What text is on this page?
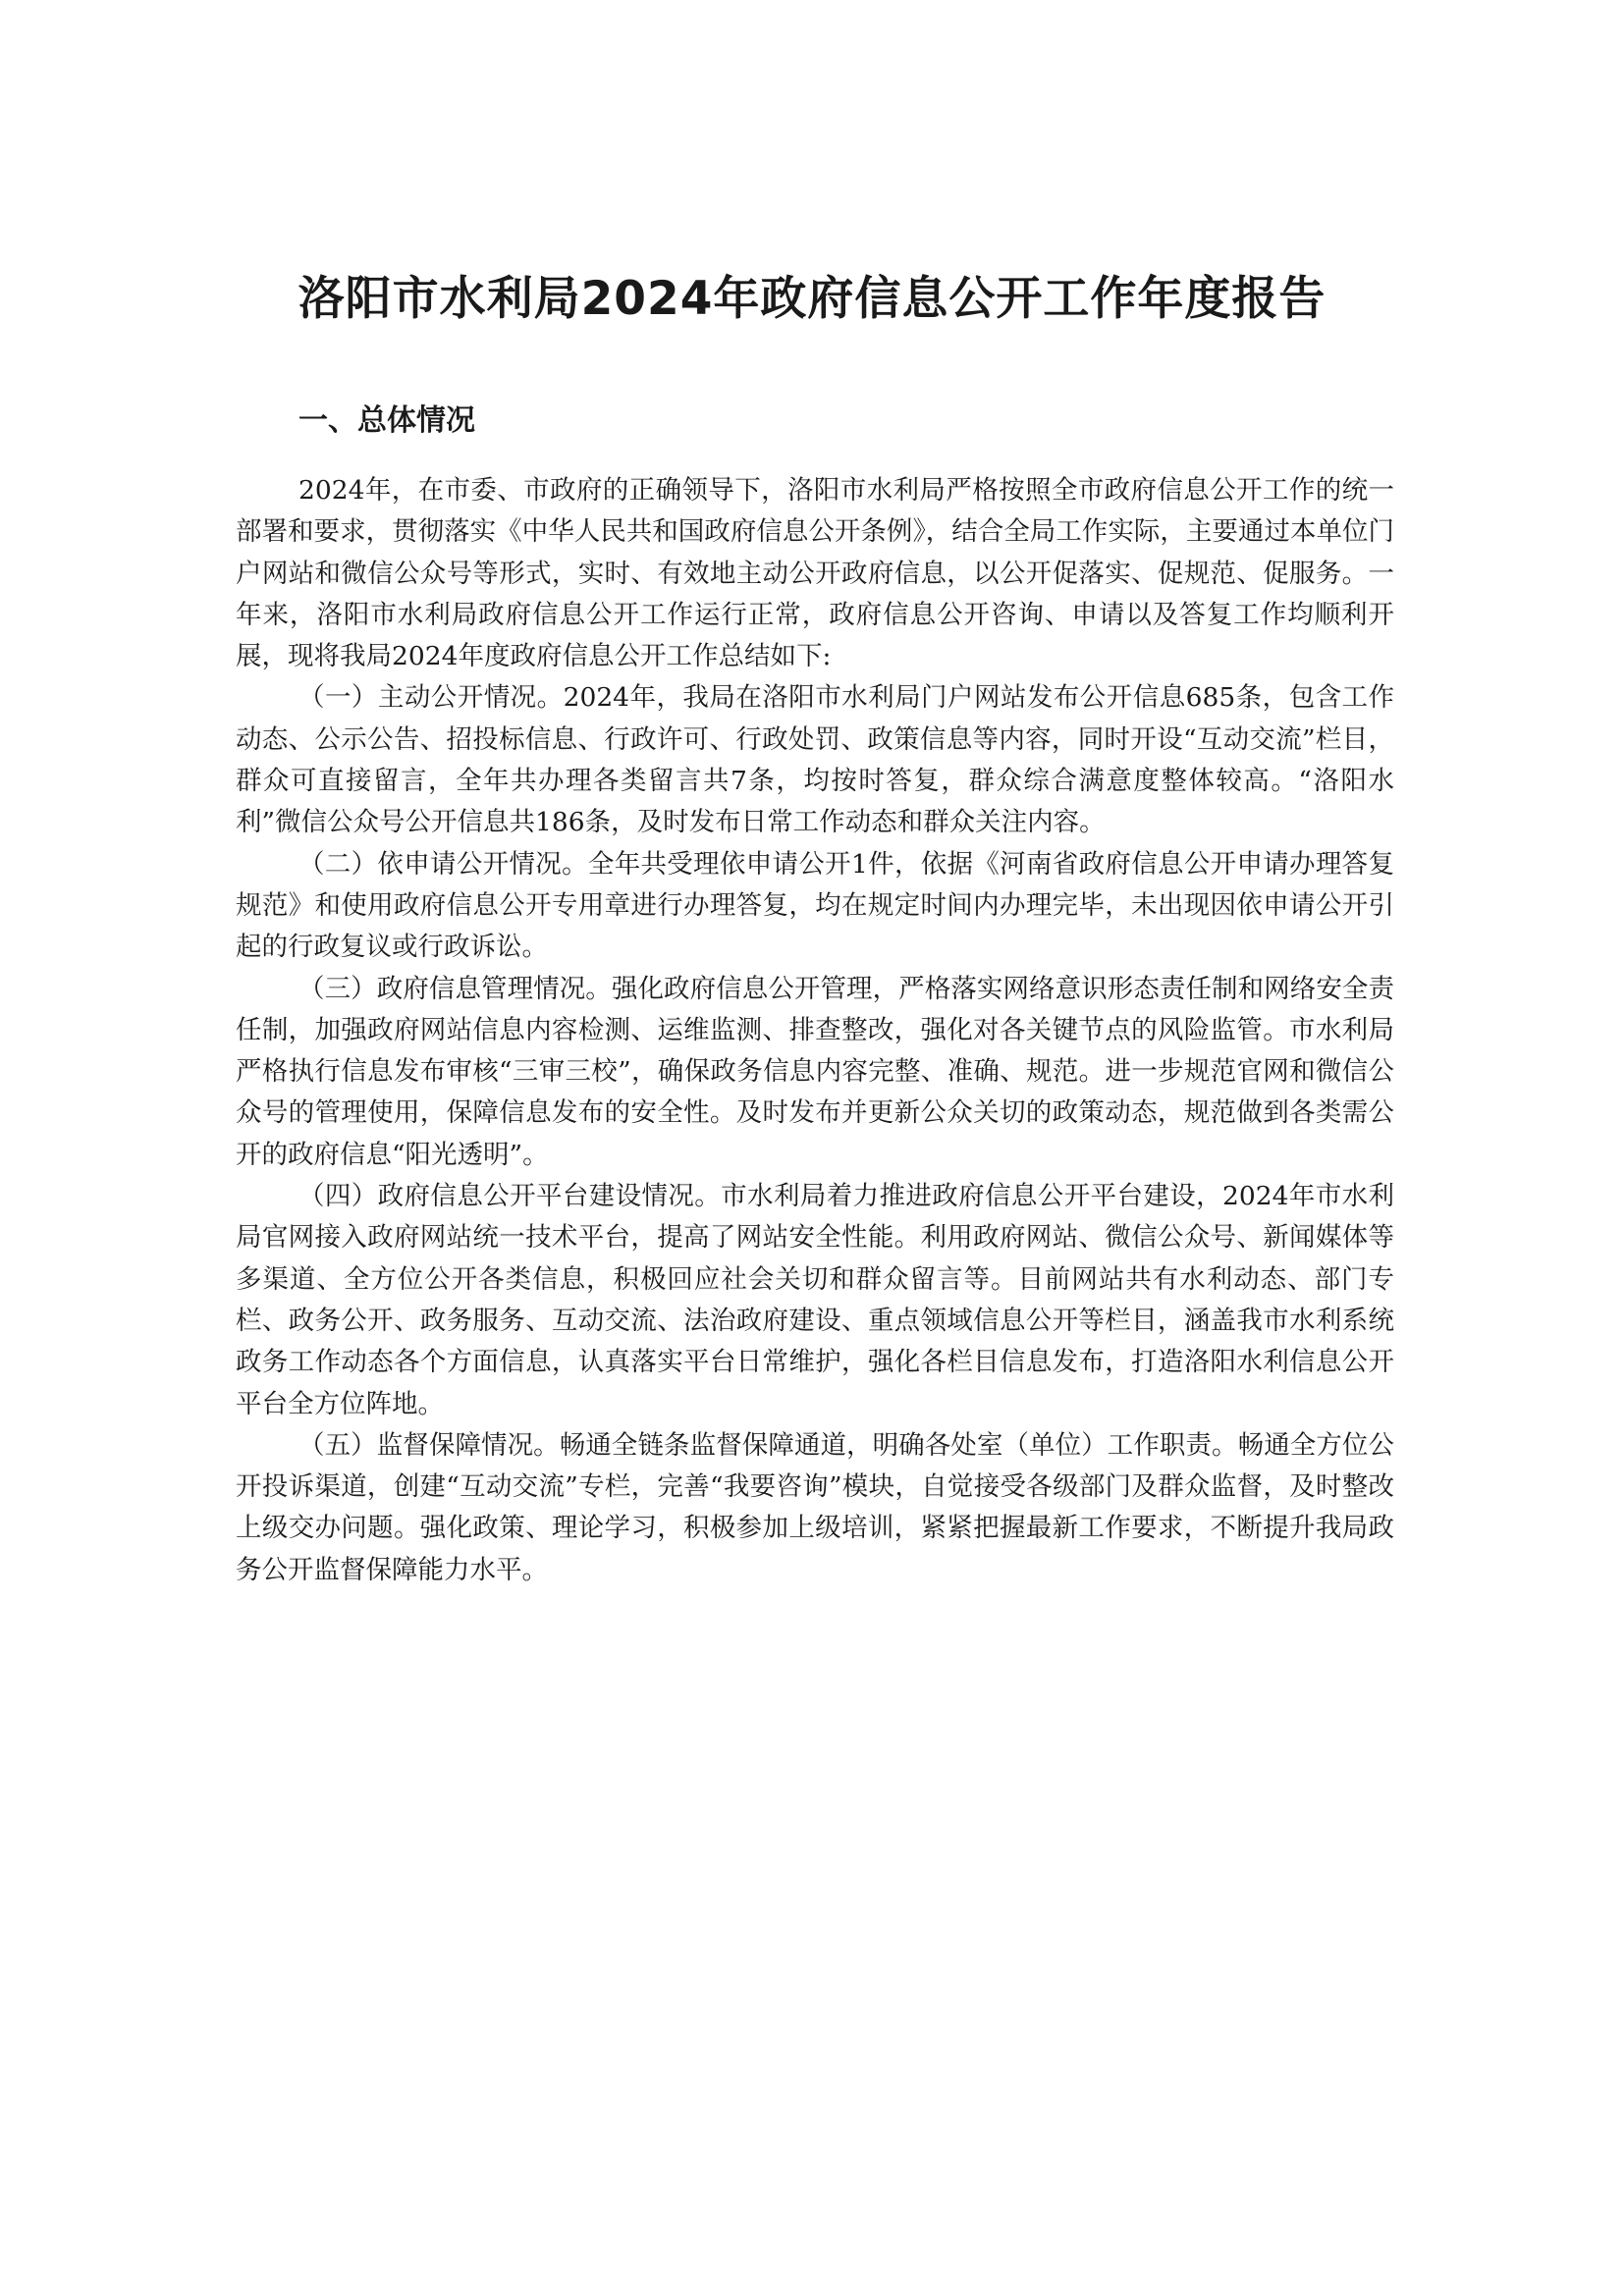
洛阳市水利局2024年政府信息公开工作年度报告
一、总体情况

2024年，在市委、市政府的正确领导下，洛阳市水利局严格按照全市政府信息公开工作的统一部署和要求，贯彻落实《中华人民共和国政府信息公开条例》，结合全局工作实际，主要通过本单位门户网站和微信公众号等形式，实时、有效地主动公开政府信息，以公开促落实、促规范、促服务。一年来，洛阳市水利局政府信息公开工作运行正常，政府信息公开咨询、申请以及答复工作均顺利开展，现将我局2024年度政府信息公开工作总结如下:

（一）主动公开情况。2024年，我局在洛阳市水利局门户网站发布公开信息685条，包含工作动态、公示公告、招投标信息、行政许可、行政处罚、政策信息等内容，同时开设“互动交流”栏目，群众可直接留言，全年共办理各类留言共7条，均按时答复，群众综合满意度整体较高。“洛阳水利”微信公众号公开信息共186条，及时发布日常工作动态和群众关注内容。

（二）依申请公开情况。全年共受理依申请公开1件，依据《河南省政府信息公开申请办理答复规范》和使用政府信息公开专用章进行办理答复，均在规定时间内办理完毕，未出现因依申请公开引起的行政复议或行政诉讼。

（三）政府信息管理情况。强化政府信息公开管理，严格落实网络意识形态责任制和网络安全责任制，加强政府网站信息内容检测、运维监测、排查整改，强化对各关键节点的风险监管。市水利局严格执行信息发布审核“三审三校”，确保政务信息内容完整、准确、规范。进一步规范官网和微信公众号的管理使用，保障信息发布的安全性。及时发布并更新公众关切的政策动态，规范做到各类需公开的政府信息“阳光透明”。

（四）政府信息公开平台建设情况。市水利局着力推进政府信息公开平台建设，2024年市水利局官网接入政府网站统一技术平台，提高了网站安全性能。利用政府网站、微信公众号、新闻媒体等多渠道、全方位公开各类信息，积极回应社会关切和群众留言等。目前网站共有水利动态、部门专栏、政务公开、政务服务、互动交流、法治政府建设、重点领域信息公开等栏目，涵盖我市水利系统政务工作动态各个方面信息，认真落实平台日常维护，强化各栏目信息发布，打造洛阳水利信息公开平台全方位阵地。

（五）监督保障情况。畅通全链条监督保障通道，明确各处室（单位）工作职责。畅通全方位公开投诉渠道，创建“互动交流”专栏，完善“我要咨询”模块，自觉接受各级部门及群众监督，及时整改上级交办问题。强化政策、理论学习，积极参加上级培训，紧紧把握最新工作要求，不断提升我局政务公开监督保障能力水平。
